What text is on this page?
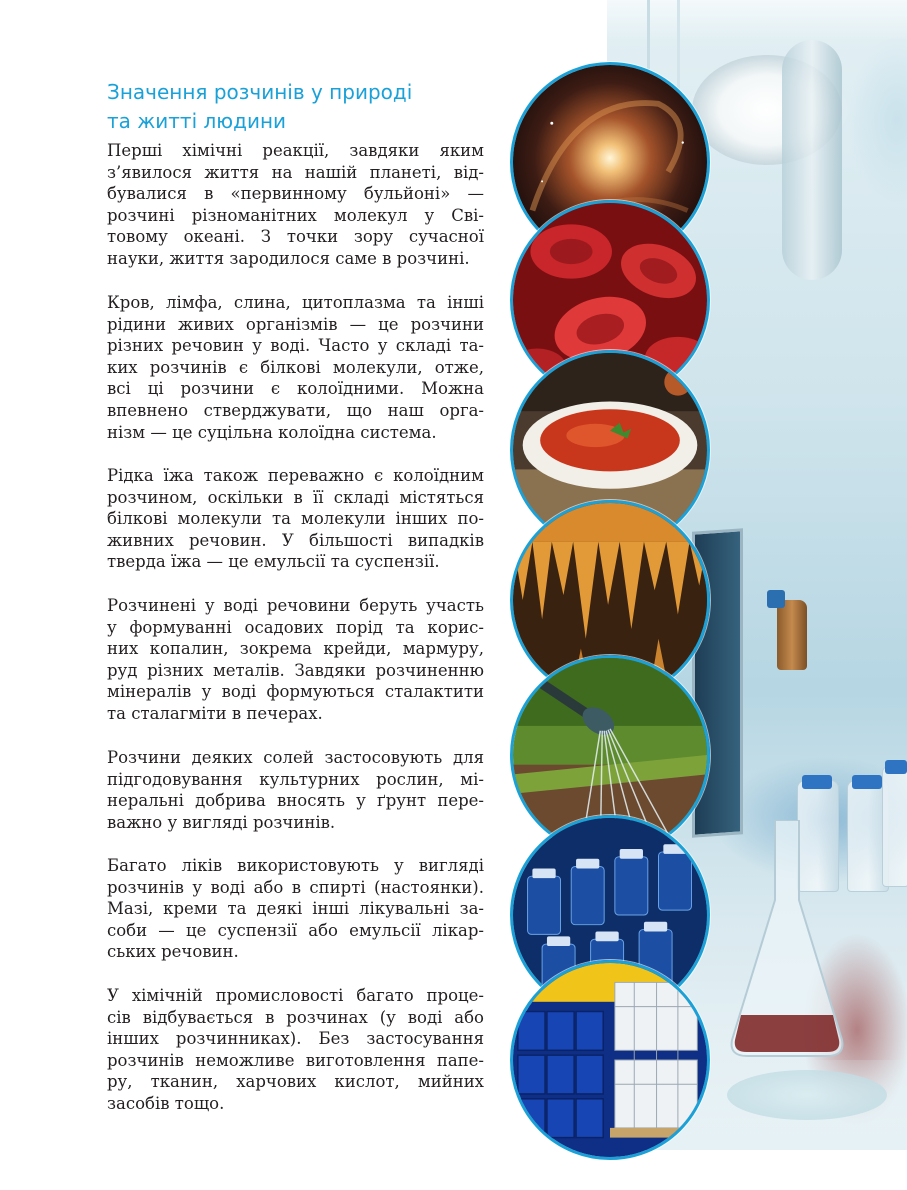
Значення розчинів у природі
та житті людини
Перші хімічні реакції, завдяки яким
з’явилося життя на нашій планеті, від-
бувалися в «первинному бульйоні» —
розчині різноманітних молекул у Сві-
товому океані. З точки зору сучасної
науки, життя зародилося саме в розчині.
Кров, лімфа, слина, цитоплазма та інші
рідини живих організмів — це розчини
різних речовин у воді. Часто у складі та-
ких розчинів є білкові молекули, отже,
всі ці розчини є колоїдними. Можна
впевнено стверджувати, що наш орга-
нізм — це суцільна колоїдна система.
Рідка їжа також переважно є колоїдним
розчином, оскільки в її складі містяться
білкові молекули та молекули інших по-
живних речовин. У більшості випадків
тверда їжа — це емульсії та суспензії.
Розчинені у воді речовини беруть участь
у формуванні осадових порід та корис-
них копалин, зокрема крейди, мармуру,
руд різних металів. Завдяки розчиненню
мінералів у воді формуються сталактити
та сталагміти в печерах.
Розчини деяких солей застосовують для
підгодовування культурних рослин, мі-
неральні добрива вносять у ґрунт пере-
важно у вигляді розчинів.
Багато ліків використовують у вигляді
розчинів у воді або в спирті (настоянки).
Мазі, креми та деякі інші лікувальні за-
соби — це суспензії або емульсії лікар-
ських речовин.
У хімічній промисловості багато проце-
сів відбувається в розчинах (у воді або
інших розчинниках). Без застосування
розчинів неможливе виготовлення папе-
ру, тканин, харчових кислот, мийних
засобів тощо.
